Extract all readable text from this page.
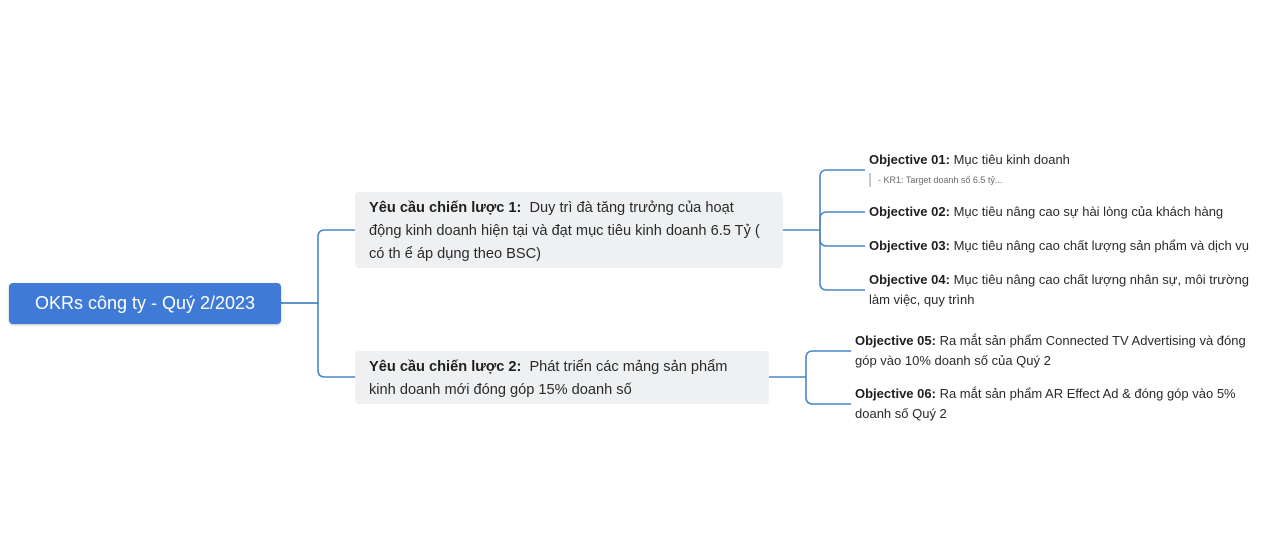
OKRs công ty - Quý 2/2023
Yêu cầu chiến lược 1: Duy trì đà tăng trưởng của hoạt động kinh doanh hiện tại và đạt mục tiêu kinh doanh 6.5 Tỷ ( có th ể áp dụng theo BSC)
Yêu cầu chiến lược 2: Phát triển các mảng sản phẩm kinh doanh mới đóng góp 15% doanh số
Objective 01: Mục tiêu kinh doanh
- KR1: Target doanh số 6.5 tỷ...
Objective 02: Mục tiêu nâng cao sự hài lòng của khách hàng
Objective 03: Mục tiêu nâng cao chất lượng sản phẩm và dịch vụ
Objective 04: Mục tiêu nâng cao chất lượng nhân sự, môi trường làm việc, quy trình
Objective 05: Ra mắt sản phẩm Connected TV Advertising và đóng góp vào 10% doanh số của Quý 2
Objective 06: Ra mắt sản phẩm AR Effect Ad & đóng góp vào 5% doanh số Quý 2
